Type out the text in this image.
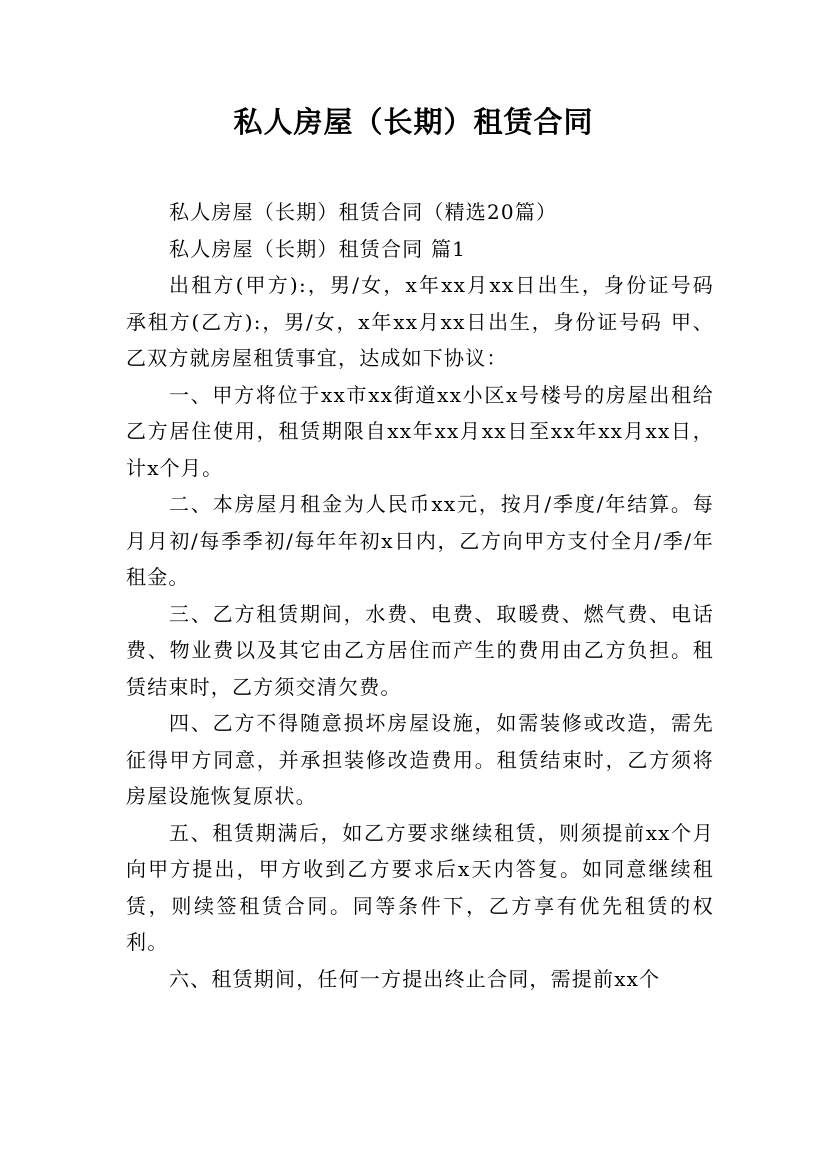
私人房屋（长期）租赁合同

私人房屋（长期）租赁合同（精选20篇）

私人房屋（长期）租赁合同 篇1

出租方(甲方):，男/女，x年xx月xx日出生，身份证号码 承租方(乙方):，男/女，x年xx月xx日出生，身份证号码 甲、乙双方就房屋租赁事宜，达成如下协议：

一、甲方将位于xx市xx街道xx小区x号楼号的房屋出租给乙方居住使用，租赁期限自xx年xx月xx日至xx年xx月xx日，计x个月。

二、本房屋月租金为人民币xx元，按月/季度/年结算。每月月初/每季季初/每年年初x日内，乙方向甲方支付全月/季/年租金。

三、乙方租赁期间，水费、电费、取暖费、燃气费、电话费、物业费以及其它由乙方居住而产生的费用由乙方负担。租赁结束时，乙方须交清欠费。

四、乙方不得随意损坏房屋设施，如需装修或改造，需先征得甲方同意，并承担装修改造费用。租赁结束时，乙方须将房屋设施恢复原状。

五、租赁期满后，如乙方要求继续租赁，则须提前xx个月向甲方提出，甲方收到乙方要求后x天内答复。如同意继续租赁，则续签租赁合同。同等条件下，乙方享有优先租赁的权利。

六、租赁期间，任何一方提出终止合同，需提前xx个
